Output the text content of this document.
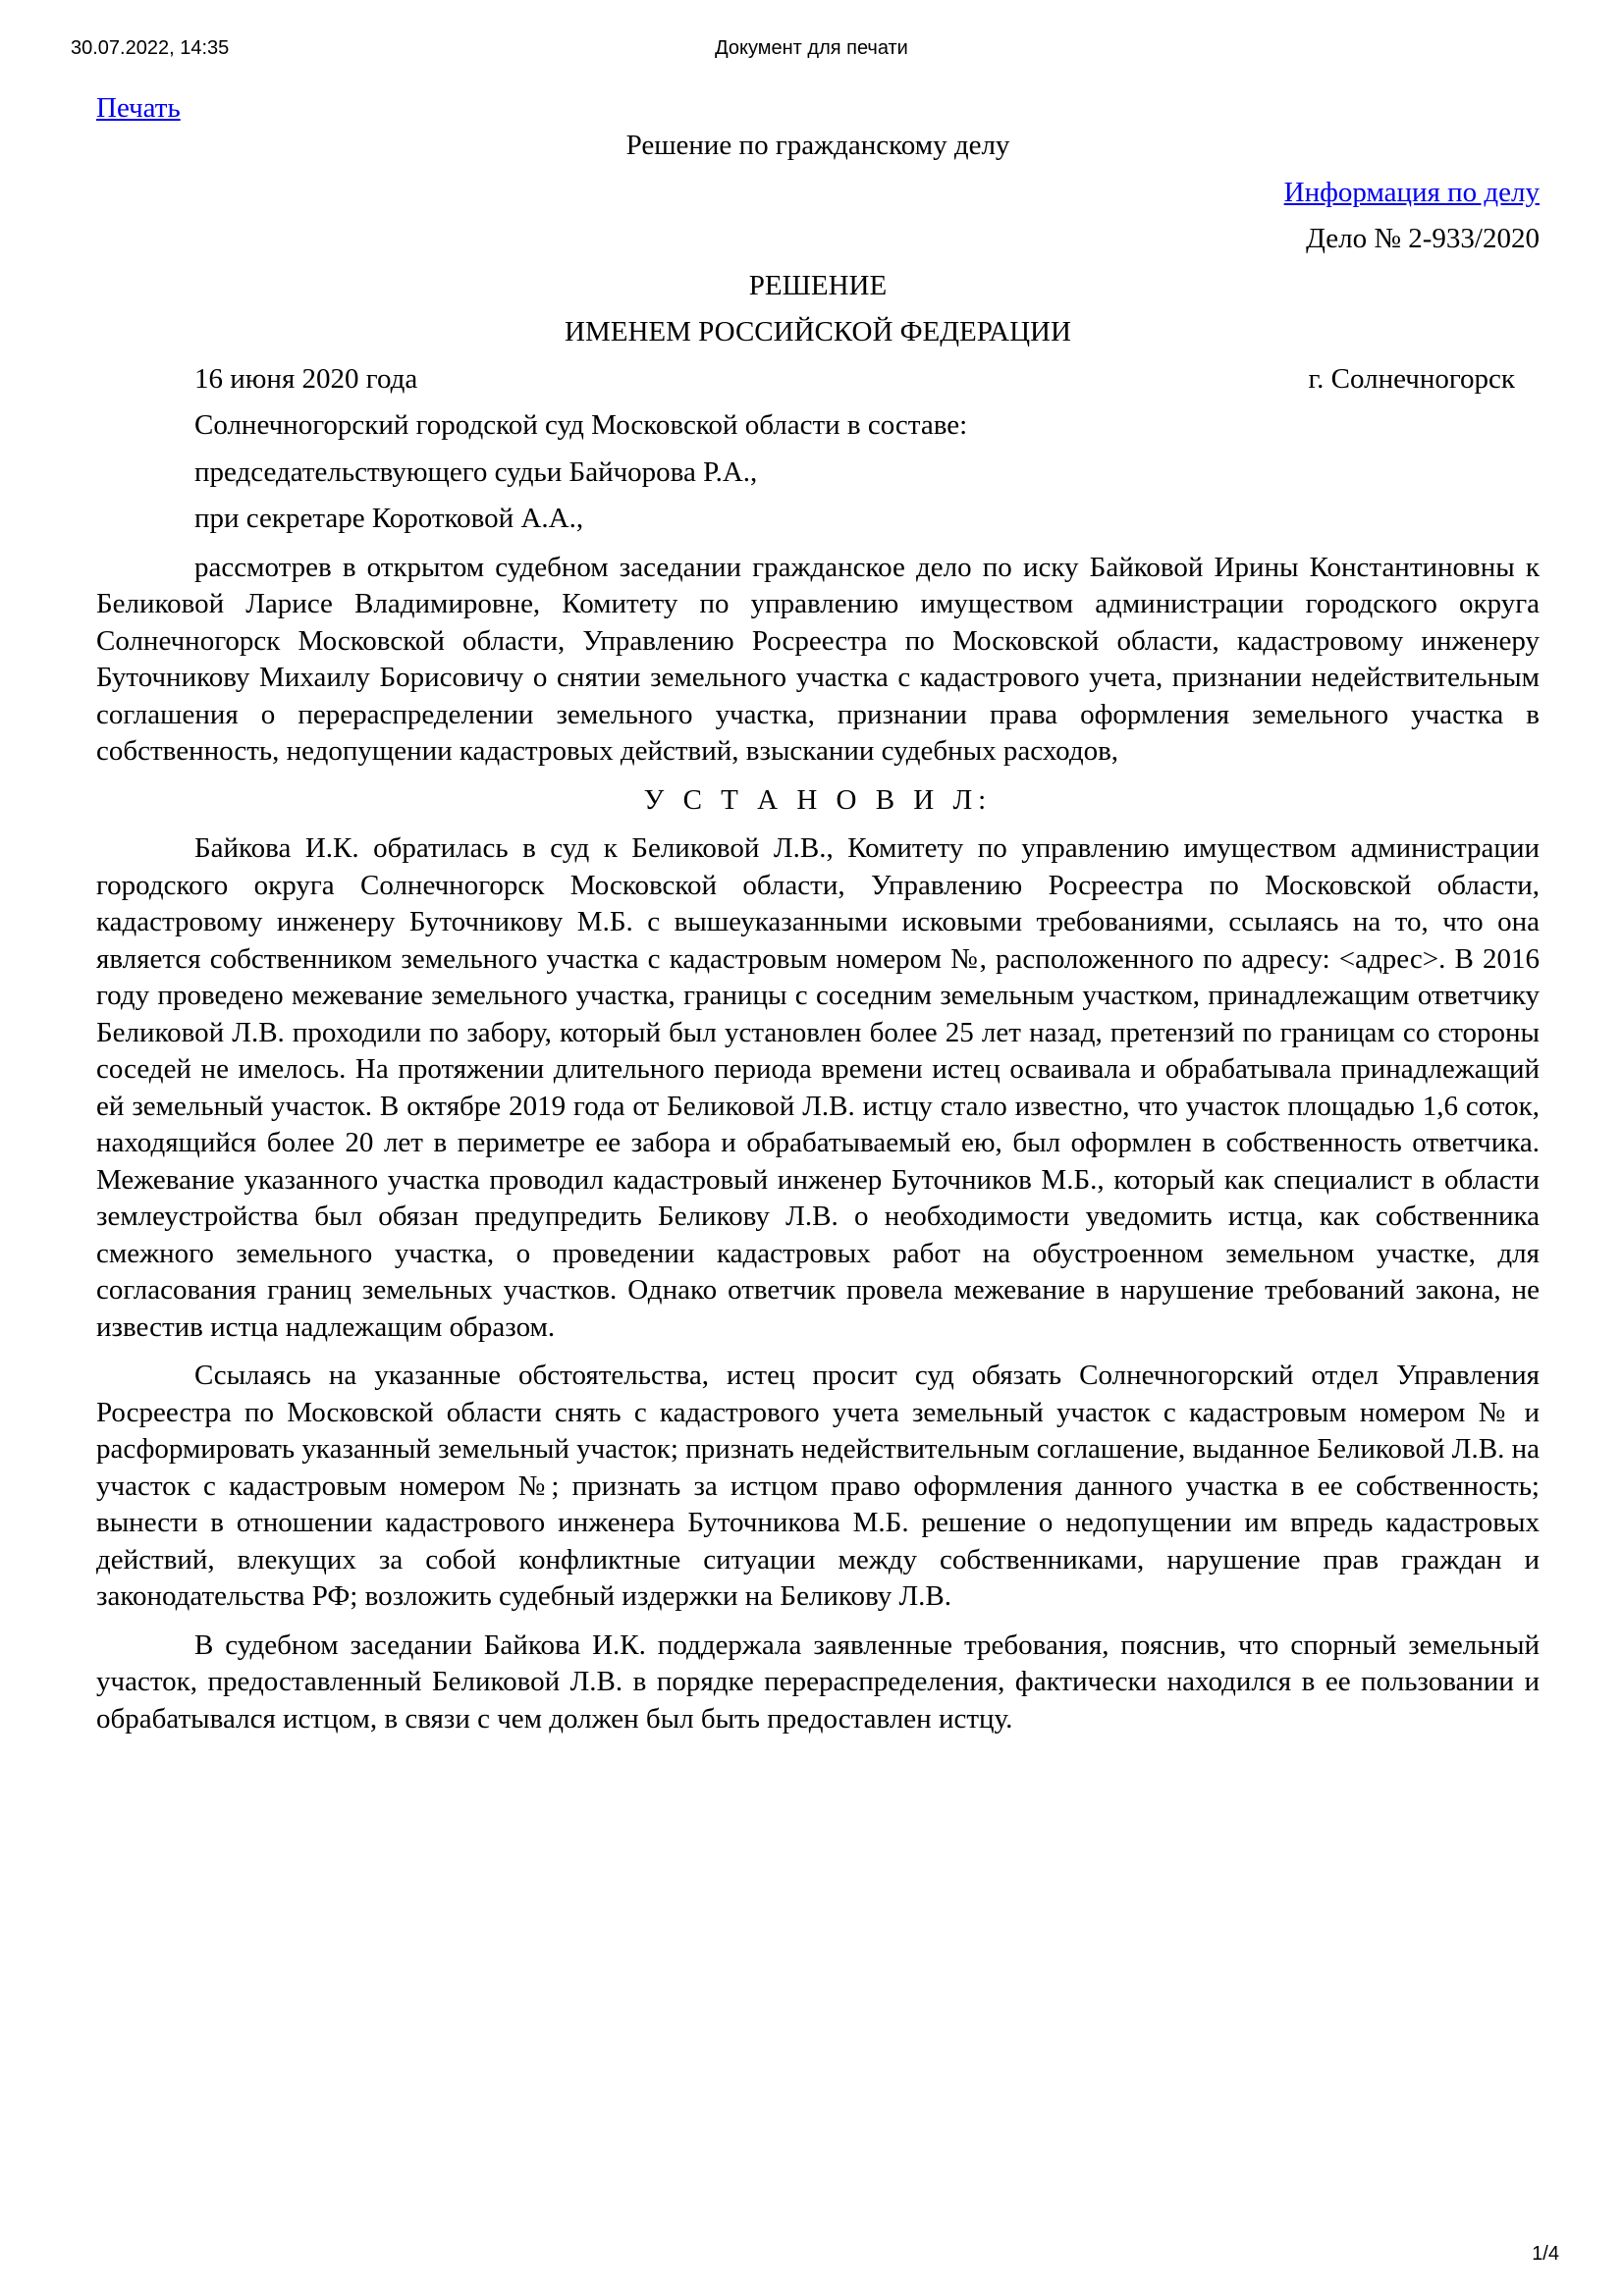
30.07.2022, 14:35	Документ для печати

Печать

Решение по гражданскому делу

Информация по делу

Дело № 2-933/2020

РЕШЕНИЕ

ИМЕНЕМ РОССИЙСКОЙ ФЕДЕРАЦИИ

16 июня 2020 года	г. Солнечногорск

Солнечногорский городской суд Московской области в составе:

председательствующего судьи Байчорова Р.А.,

при секретаре Коротковой А.А.,

рассмотрев в открытом судебном заседании гражданское дело по иску Байковой Ирины Константиновны к Беликовой Ларисе Владимировне, Комитету по управлению имуществом администрации городского округа Солнечногорск Московской области, Управлению Росреестра по Московской области, кадастровому инженеру Буточникову Михаилу Борисовичу о снятии земельного участка с кадастрового учета, признании недействительным соглашения о перераспределении земельного участка, признании права оформления земельного участка в собственность, недопущении кадастровых действий, взыскании судебных расходов,

У С Т А Н О В И Л:

Байкова И.К. обратилась в суд к Беликовой Л.В., Комитету по управлению имуществом администрации городского округа Солнечногорск Московской области, Управлению Росреестра по Московской области, кадастровому инженеру Буточникову М.Б. с вышеуказанными исковыми требованиями, ссылаясь на то, что она является собственником земельного участка с кадастровым номером №, расположенного по адресу: <адрес>. В 2016 году проведено межевание земельного участка, границы с соседним земельным участком, принадлежащим ответчику Беликовой Л.В. проходили по забору, который был установлен более 25 лет назад, претензий по границам со стороны соседей не имелось. На протяжении длительного периода времени истец осваивала и обрабатывала принадлежащий ей земельный участок. В октябре 2019 года от Беликовой Л.В. истцу стало известно, что участок площадью 1,6 соток, находящийся более 20 лет в периметре ее забора и обрабатываемый ею, был оформлен в собственность ответчика. Межевание указанного участка проводил кадастровый инженер Буточников М.Б., который как специалист в области землеустройства был обязан предупредить Беликову Л.В. о необходимости уведомить истца, как собственника смежного земельного участка, о проведении кадастровых работ на обустроенном земельном участке, для согласования границ земельных участков. Однако ответчик провела межевание в нарушение требований закона, не известив истца надлежащим образом.

Ссылаясь на указанные обстоятельства, истец просит суд обязать Солнечногорский отдел Управления Росреестра по Московской области снять с кадастрового учета земельный участок с кадастровым номером № и расформировать указанный земельный участок; признать недействительным соглашение, выданное Беликовой Л.В. на участок с кадастровым номером №; признать за истцом право оформления данного участка в ее собственность; вынести в отношении кадастрового инженера Буточникова М.Б. решение о недопущении им впредь кадастровых действий, влекущих за собой конфликтные ситуации между собственниками, нарушение прав граждан и законодательства РФ; возложить судебный издержки на Беликову Л.В.

В судебном заседании Байкова И.К. поддержала заявленные требования, пояснив, что спорный земельный участок, предоставленный Беликовой Л.В. в порядке перераспределения, фактически находился в ее пользовании и обрабатывался истцом, в связи с чем должен был быть предоставлен истцу.

1/4
